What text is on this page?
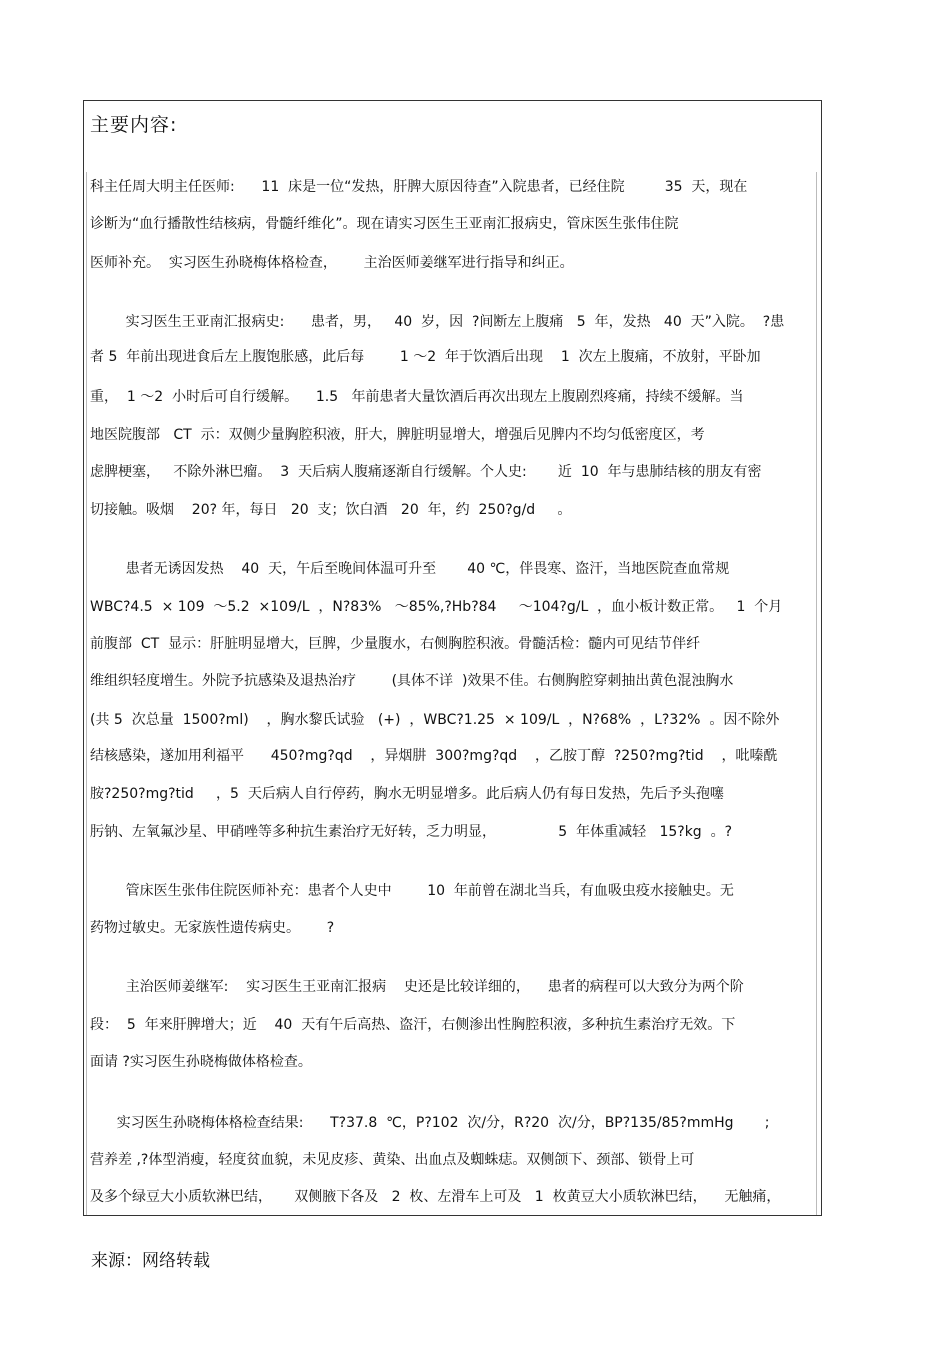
主要内容:
科主任周大明主任医师:      11  床是一位“发热，肝脾大原因待查”入院患者，已经住院         35  天，现在
诊断为“血行播散性结核病，骨髓纤维化”。现在请实习医生王亚南汇报病史，管床医生张伟住院
医师补充。  实习医生孙晓梅体格检查，      主治医师姜继军进行指导和纠正。
实习医生王亚南汇报病史:      患者，男，   40  岁，因  ?间断左上腹痛   5  年，发热   40  天”入院。  ?患
者 5  年前出现进食后左上腹饱胀感，此后每        1 ～2  年于饮酒后出现    1  次左上腹痛，不放射，平卧加
重，  1 ～2  小时后可自行缓解。    1.5   年前患者大量饮酒后再次出现左上腹剧烈疼痛，持续不缓解。当
地医院腹部   CT  示：双侧少量胸腔积液，肝大，脾脏明显增大，增强后见脾内不均匀低密度区，考
虑脾梗塞，   不除外淋巴瘤。  3  天后病人腹痛逐渐自行缓解。个人史:       近  10  年与患肺结核的朋友有密
切接触。吸烟    20? 年，每日   20  支；饮白酒   20  年，约  250?g/d     。
患者无诱因发热    40  天，午后至晚间体温可升至       40 ℃，伴畏寒、盗汗，当地医院查血常规
WBC?4.5  × 109  ～5.2  ×109/L  ，N?83%   ～85%,?Hb?84     ～104?g/L  ，血小板计数正常。   1  个月
前腹部  CT  显示：肝脏明显增大，巨脾，少量腹水，右侧胸腔积液。骨髓活检：髓内可见结节伴纤
维组织轻度增生。外院予抗感染及退热治疗        (具体不详  )效果不佳。右侧胸腔穿刺抽出黄色混浊胸水
(共 5  次总量  1500?ml)    ，胸水黎氏试验   (+)  ，WBC?1.25  × 109/L  ，N?68%  ，L?32%  。因不除外
结核感染，遂加用利福平      450?mg?qd    ，异烟肼  300?mg?qd    ，乙胺丁醇  ?250?mg?tid    ，吡嗪酰
胺?250?mg?tid     ，5  天后病人自行停药，胸水无明显增多。此后病人仍有每日发热，先后予头孢噻
肟钠、左氧氟沙星、甲硝唑等多种抗生素治疗无好转，乏力明显，              5  年体重减轻   15?kg  。?
管床医生张伟住院医师补充：患者个人史中        10  年前曾在湖北当兵，有血吸虫疫水接触史。无
药物过敏史。无家族性遗传病史。      ?
主治医师姜继军:    实习医生王亚南汇报病    史还是比较详细的，    患者的病程可以大致分为两个阶
段：  5  年来肝脾增大；近    40  天有午后高热、盗汗，右侧渗出性胸腔积液，多种抗生素治疗无效。下
面请 ?实习医生孙晓梅做体格检查。
实习医生孙晓梅体格检查结果:      T?37.8  ℃，P?102  次/分，R?20  次/分，BP?135/85?mmHg       ;
营养差 ,?体型消瘦，轻度贫血貌，未见皮疹、黄染、出血点及蜘蛛痣。双侧颌下、颈部、锁骨上可
及多个绿豆大小质软淋巴结，     双侧腋下各及   2  枚、左滑车上可及   1  枚黄豆大小质软淋巴结，    无触痛，
来源：网络转载
